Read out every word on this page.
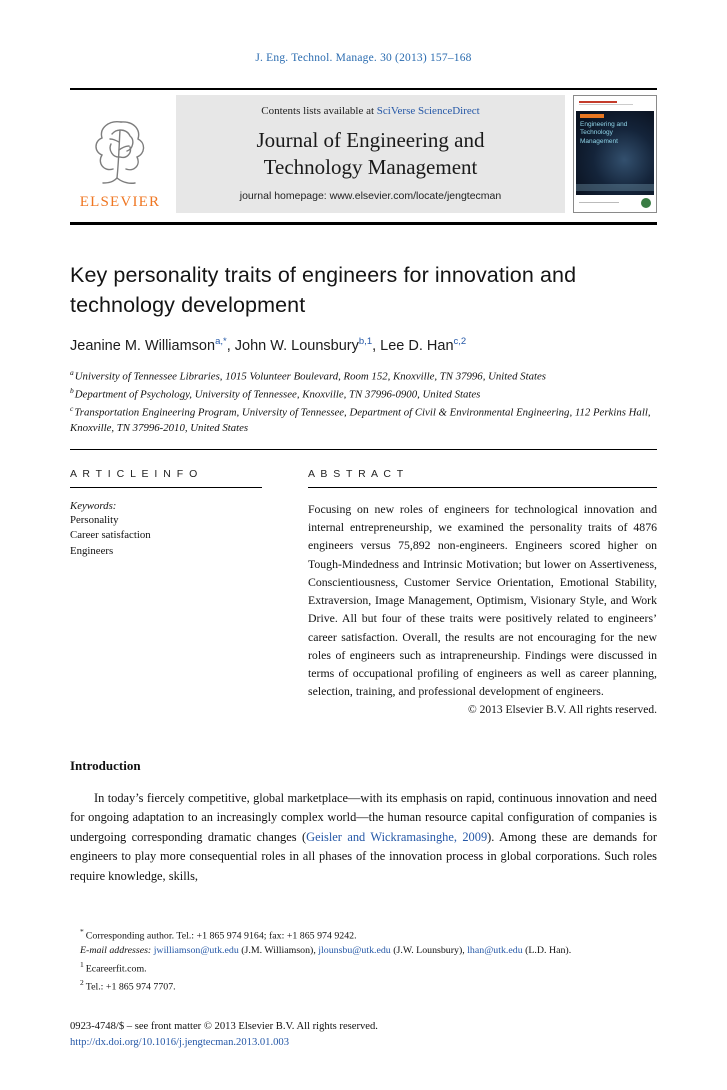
J. Eng. Technol. Manage. 30 (2013) 157–168
ELSEVIER
Contents lists available at SciVerse ScienceDirect
Journal of Engineering and
Technology Management
journal homepage: www.elsevier.com/locate/jengtecman
Engineering and
Technology Management
Key personality traits of engineers for innovation and technology development
Jeanine M. Williamson$^{a,*}$, John W. Lounsbury$^{b,1}$, Lee D. Han$^{c,2}$
$^a$University of Tennessee Libraries, 1015 Volunteer Boulevard, Room 152, Knoxville, TN 37996, United States
$^b$Department of Psychology, University of Tennessee, Knoxville, TN 37996-0900, United States
$^c$Transportation Engineering Program, University of Tennessee, Department of Civil & Environmental Engineering, 112 Perkins Hall, Knoxville, TN 37996-2010, United States
A R T I C L E I N F O
Keywords:
Personality
Career satisfaction
Engineers
A B S T R A C T
Focusing on new roles of engineers for technological innovation and internal entrepreneurship, we examined the personality traits of 4876 engineers versus 75,892 non-engineers. Engineers scored higher on Tough-Mindedness and Intrinsic Motivation; but lower on Assertiveness, Conscientiousness, Customer Service Orientation, Emotional Stability, Extraversion, Image Management, Optimism, Visionary Style, and Work Drive. All but four of these traits were positively related to engineers’ career satisfaction. Overall, the results are not encouraging for the new roles of engineers such as intrapreneurship. Findings were discussed in terms of occupational profiling of engineers as well as career planning, selection, training, and professional development of engineers.
© 2013 Elsevier B.V. All rights reserved.
Introduction

In today’s fiercely competitive, global marketplace—with its emphasis on rapid, continuous innovation and need for ongoing adaptation to an increasingly complex world—the human resource capital configuration of companies is undergoing corresponding dramatic changes (Geisler and Wickramasinghe, 2009). Among these are demands for engineers to play more consequential roles in all phases of the innovation process in global corporations. Such roles require knowledge, skills,

* Corresponding author. Tel.: +1 865 974 9164; fax: +1 865 974 9242.
E-mail addresses: jwilliamson@utk.edu (J.M. Williamson), jlounsbu@utk.edu (J.W. Lounsbury), lhan@utk.edu (L.D. Han).
$^1$ Ecareerfit.com.
$^2$ Tel.: +1 865 974 7707.
0923-4748/$ – see front matter © 2013 Elsevier B.V. All rights reserved.
http://dx.doi.org/10.1016/j.jengtecman.2013.01.003
